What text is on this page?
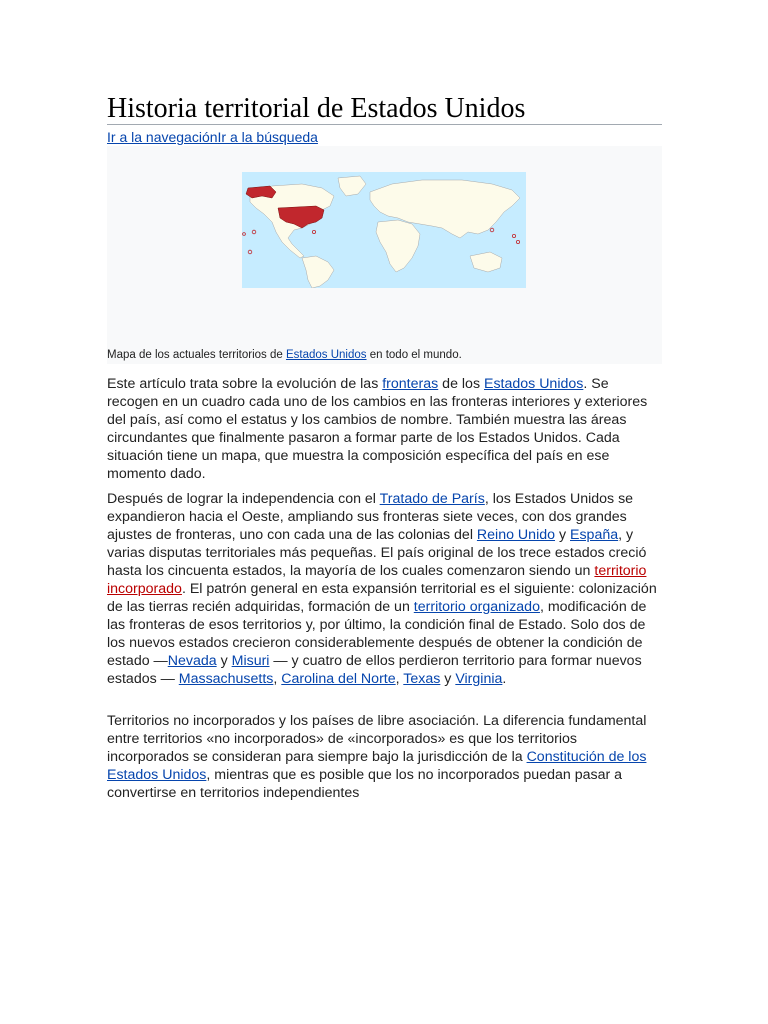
Historia territorial de Estados Unidos
Ir a la navegaciónIr a la búsqueda
Mapa de los actuales territorios de Estados Unidos en todo el mundo.

Este artículo trata sobre la evolución de las fronteras de los Estados Unidos. Se recogen en un cuadro cada uno de los cambios en las fronteras interiores y exteriores del país, así como el estatus y los cambios de nombre. También muestra las áreas circundantes que finalmente pasaron a formar parte de los Estados Unidos. Cada situación tiene un mapa, que muestra la composición específica del país en ese momento dado.

Después de lograr la independencia con el Tratado de París, los Estados Unidos se expandieron hacia el Oeste, ampliando sus fronteras siete veces, con dos grandes ajustes de fronteras, uno con cada una de las colonias del Reino Unido y España, y varias disputas territoriales más pequeñas. El país original de los trece estados creció hasta los cincuenta estados, la mayoría de los cuales comenzaron siendo un territorio incorporado. El patrón general en esta expansión territorial es el siguiente: colonización de las tierras recién adquiridas, formación de un territorio organizado, modificación de las fronteras de esos territorios y, por último, la condición final de Estado. Solo dos de los nuevos estados crecieron considerablemente después de obtener la condición de estado —Nevada y Misuri — y cuatro de ellos perdieron territorio para formar nuevos estados — Massachusetts, Carolina del Norte, Texas y Virginia.

Territorios no incorporados y los países de libre asociación. La diferencia fundamental entre territorios «no incorporados» de «incorporados» es que los territorios incorporados se consideran para siempre bajo la jurisdicción de la Constitución de los Estados Unidos, mientras que es posible que los no incorporados puedan pasar a convertirse en territorios independientes
